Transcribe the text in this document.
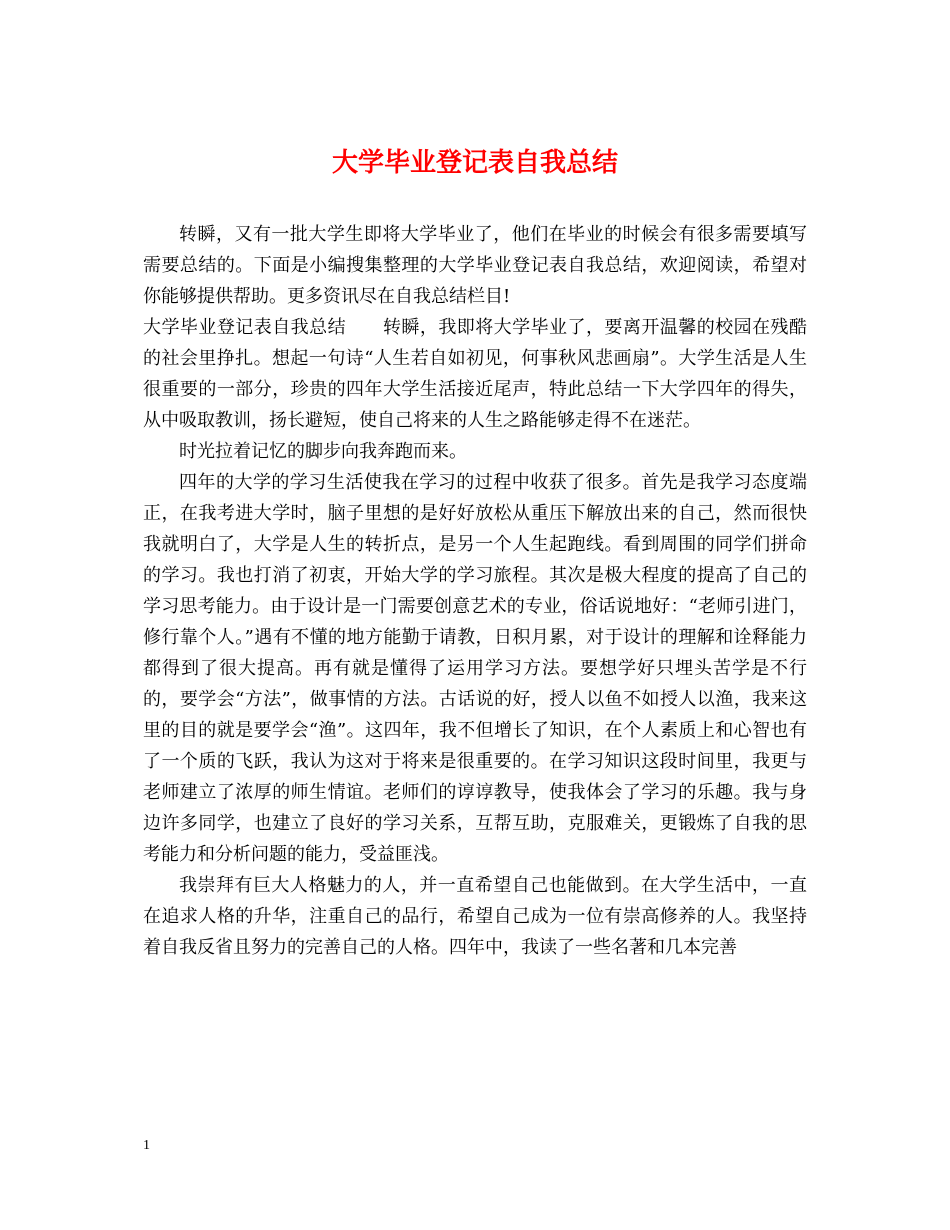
大学毕业登记表自我总结

转瞬，又有一批大学生即将大学毕业了，他们在毕业的时候会有很多需要填写需要总结的。下面是小编搜集整理的大学毕业登记表自我总结，欢迎阅读，希望对你能够提供帮助。更多资讯尽在自我总结栏目!

大学毕业登记表自我总结　　转瞬，我即将大学毕业了，要离开温馨的校园在残酷的社会里挣扎。想起一句诗“人生若自如初见，何事秋风悲画扇”。大学生活是人生很重要的一部分，珍贵的四年大学生活接近尾声，特此总结一下大学四年的得失，从中吸取教训，扬长避短，使自己将来的人生之路能够走得不在迷茫。

时光拉着记忆的脚步向我奔跑而来。

四年的大学的学习生活使我在学习的过程中收获了很多。首先是我学习态度端正，在我考进大学时，脑子里想的是好好放松从重压下解放出来的自己，然而很快我就明白了，大学是人生的转折点，是另一个人生起跑线。看到周围的同学们拼命的学习。我也打消了初衷，开始大学的学习旅程。其次是极大程度的提高了自己的学习思考能力。由于设计是一门需要创意艺术的专业，俗话说地好：“老师引进门，修行靠个人。”遇有不懂的地方能勤于请教，日积月累，对于设计的理解和诠释能力都得到了很大提高。再有就是懂得了运用学习方法。要想学好只埋头苦学是不行的，要学会“方法”，做事情的方法。古话说的好，授人以鱼不如授人以渔，我来这里的目的就是要学会“渔”。这四年，我不但增长了知识，在个人素质上和心智也有了一个质的飞跃，我认为这对于将来是很重要的。在学习知识这段时间里，我更与老师建立了浓厚的师生情谊。老师们的谆谆教导，使我体会了学习的乐趣。我与身边许多同学，也建立了良好的学习关系，互帮互助，克服难关，更锻炼了自我的思考能力和分析问题的能力，受益匪浅。

我崇拜有巨大人格魅力的人，并一直希望自己也能做到。在大学生活中，一直在追求人格的升华，注重自己的品行，希望自己成为一位有崇高修养的人。我坚持着自我反省且努力的完善自己的人格。四年中，我读了一些名著和几本完善

1
